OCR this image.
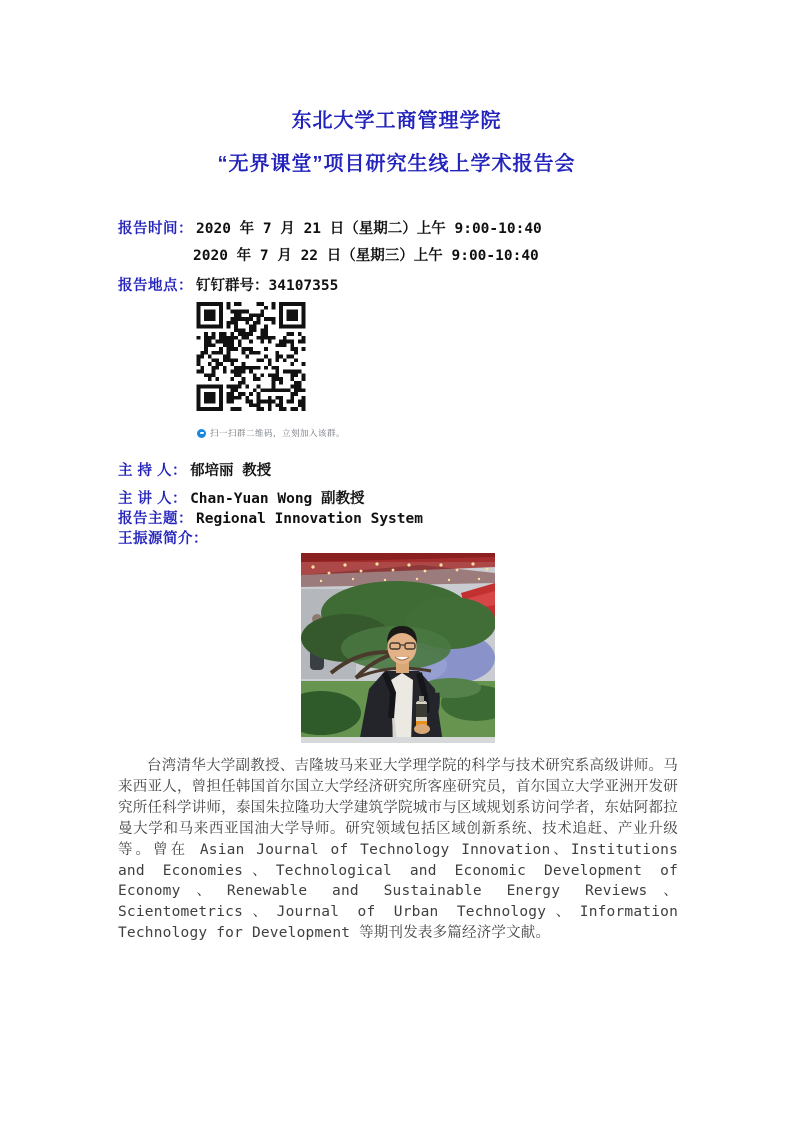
东北大学工商管理学院
“无界课堂”项目研究生线上学术报告会
报告时间： 2020 年 7 月 21 日（星期二）上午 9:00-10:40
2020 年 7 月 22 日（星期三）上午 9:00-10:40
报告地点： 钉钉群号：34107355
扫一扫群二维码，立刻加入该群。
主 持 人： 郁培丽 教授
主 讲 人： Chan-Yuan Wong 副教授
报告主题： Regional Innovation System
王振源简介：

台湾清华大学副教授、吉隆坡马来亚大学理学院的科学与技术研究系高级讲师。马来西亚人，曾担任韩国首尔国立大学经济研究所客座研究员，首尔国立大学亚洲开发研究所任科学讲师，泰国朱拉隆功大学建筑学院城市与区域规划系访问学者，东姑阿都拉曼大学和马来西亚国油大学导师。研究领域包括区域创新系统、技术追赶、产业升级等。曾在 Asian Journal of Technology Innovation、Institutions and Economies、Technological and Economic Development of Economy、Renewable and Sustainable Energy Reviews、Scientometrics、Journal of Urban Technology、Information Technology for Development 等期刊发表多篇经济学文献。
